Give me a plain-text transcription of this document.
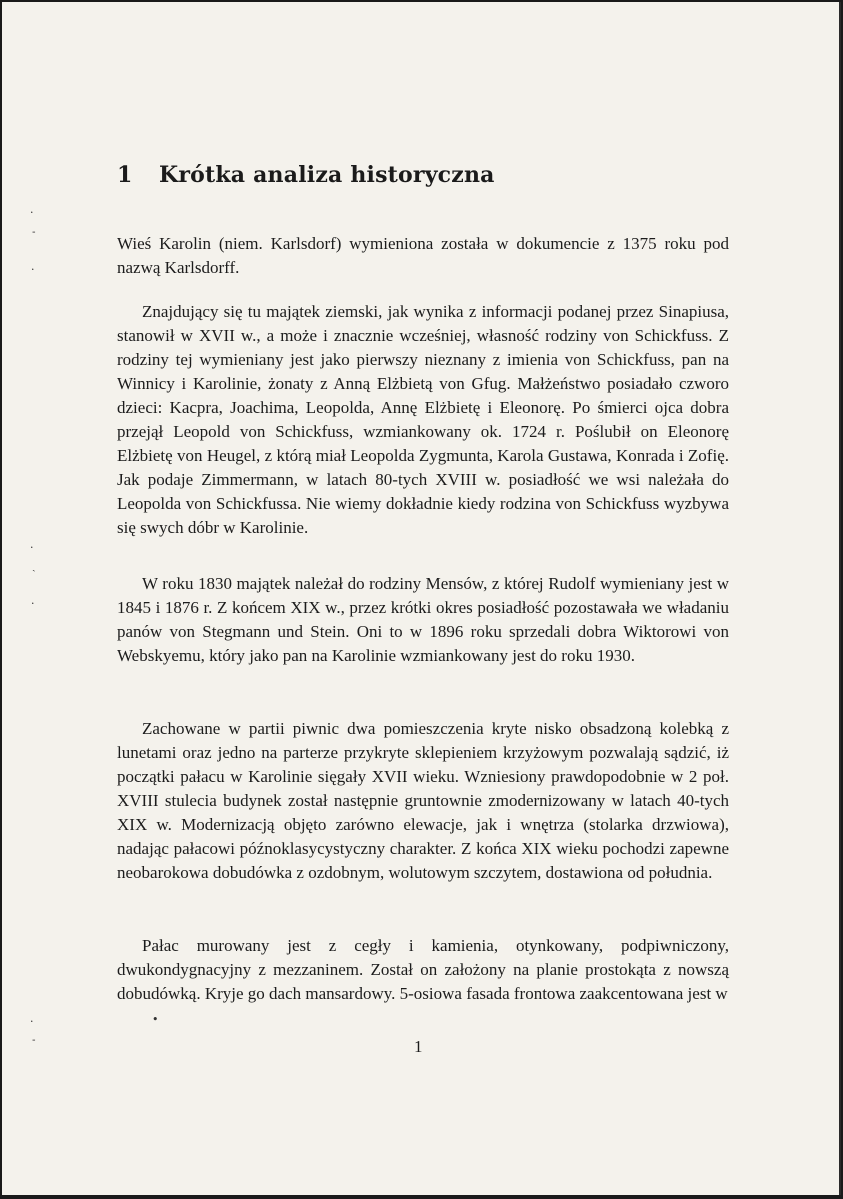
1 Krótka analiza historyczna

Wieś Karolin (niem. Karlsdorf) wymieniona została w dokumencie z 1375 roku pod nazwą Karlsdorff.

Znajdujący się tu majątek ziemski, jak wynika z informacji podanej przez Sinapiusa, stanowił w XVII w., a może i znacznie wcześniej, własność rodziny von Schickfuss. Z rodziny tej wymieniany jest jako pierwszy nieznany z imienia von Schickfuss, pan na Winnicy i Karolinie, żonaty z Anną Elżbietą von Gfug. Małżeństwo posiadało czworo dzieci: Kacpra, Joachima, Leopolda, Annę Elżbietę i Eleonorę. Po śmierci ojca dobra przejął Leopold von Schickfuss, wzmiankowany ok. 1724 r. Poślubił on Eleonorę Elżbietę von Heugel, z którą miał Leopolda Zygmunta, Karola Gustawa, Konrada i Zofię. Jak podaje Zimmermann, w latach 80-tych XVIII w. posiadłość we wsi należała do Leopolda von Schickfussa. Nie wiemy dokładnie kiedy rodzina von Schickfuss wyzbywa się swych dóbr w Karolinie.

W roku 1830 majątek należał do rodziny Mensów, z której Rudolf wymieniany jest w 1845 i 1876 r. Z końcem XIX w., przez krótki okres posiadłość pozostawała we władaniu panów von Stegmann und Stein. Oni to w 1896 roku sprzedali dobra Wiktorowi von Webskyemu, który jako pan na Karolinie wzmiankowany jest do roku 1930.

Zachowane w partii piwnic dwa pomieszczenia kryte nisko obsadzoną kolebką z lunetami oraz jedno na parterze przykryte sklepieniem krzyżowym pozwalają sądzić, iż początki pałacu w Karolinie sięgały XVII wieku. Wzniesiony prawdopodobnie w 2 poł. XVIII stulecia budynek został następnie gruntownie zmodernizowany w latach 40-tych XIX w. Modernizacją objęto zarówno elewacje, jak i wnętrza (stolarka drzwiowa), nadając pałacowi późnoklasycystyczny charakter. Z końca XIX wieku pochodzi zapewne neobarokowa dobudówka z ozdobnym, wolutowym szczytem, dostawiona od południa.

Pałac murowany jest z cegły i kamienia, otynkowany, podpiwniczony, dwukondygnacyjny z mezzaninem. Został on założony na planie prostokąta z nowszą dobudówką. Kryje go dach mansardowy. 5-osiowa fasada frontowa zaakcentowana jest w

1
·
˗
·
·
ˎ
·
·
˗
•
